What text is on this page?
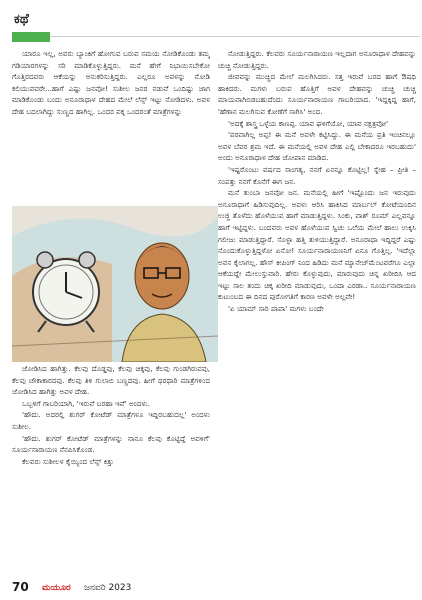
ಕಥೆ

ಯಾರೂ ಇಲ್ಲ, ಅವರು ಬ್ಯಾಂಕಿಗೆ ಹೋಗುವ ಬರುವ ಸಮಯ ನೋಡಿಕೊಂಡು ತಮ್ಮ ಗಡಿಯಾರಗಳನ್ನು ಸರಿ ಮಾಡಿಕೊಳ್ಳುತ್ತಿದ್ದರು. ಮನೆ ಹೇಗೆ ನಿಭಾಯಿಸಬೇಕೋ ಗೊತ್ತಿರದವರು ಆಕೆಯನ್ನು ಅನುಕರಿಸುತ್ತಿದ್ದರು. ಎಲ್ಲರೂ ಅವಳನ್ನು ನೋಡಿ ಕಲಿಯುವವರೇ...ಹಾಗೆ ಎಷ್ಟು ಜನವೋ! ಸುಶೀಲ ಜನರ ನಡುವೆ ಒಂದಿಷ್ಟು ಜಾಗ ಮಾಡಿಕೊಂಡು ಬಂದು ಅನೂರಾಧಾಳ ದೇಹದ ಮೇಲೆ ಲೆನ್ಸ್ ಇಟ್ಟು ನೋಡಿದಳು. ಅವಳ ದೇಹ ಬದಲಾಗಿದ್ದು ಸುಣ್ಣದ ಹಾಗಿಲ್ಲ. ಒಂದರ ಪಕ್ಕ ಒಂದರಂತೆ ಮಾತ್ರೆಗಳನ್ನು

ಜೋಡಿಸಿದ ಹಾಗಿತ್ತು. ಕೆಲವು ದೊಡ್ಡವು, ಕೆಲವು ಚಿಕ್ಕವು, ಕೆಲವು ಗುಂಡಗಿರುವವು, ಕೆಲವು ಚೌಕಾಕಾರದವು. ಕೆಲವು ತಿಳಿ ಗುಲಾಬಿ ಬಣ್ಣದವು. ಹೀಗೆ ಥರಥಾರಿ ಮಾತ್ರೆಗಳಿಂದ ಜೋಡಿಸಿದ ಹಾಗಿತ್ತು ಅವಳ ದೇಹ.

ಒಬ್ಬಳಿಗೆ ಗಾಬರಿಯಾಗಿ, 'ಇರುವೆ ಬರಹಾ ಇವೆ' ಅಂದಳು.

'ಹೌದು. ಅದರಲ್ಲಿ ಶುಗರ್ ಕೋಟೆಡ್ ಮಾತ್ರೆಗಳೂ ಇದ್ದಿರಬಹುದಲ್ಲ' ಅಂದಳು ಸುಶೀಲ.

'ಹೌದು. ಶುಗರ್ ಕೋಟೆಡ್ ಮಾತ್ರೆಗಳನ್ನು ನಾನೂ ಕೆಲವು ಕೊಟ್ಟಿದ್ದೆ ಅವಳಿಗೆ' ಸೂರ್ಯನಾರಾಯಣ ನೆನಪಿಸಿಕೊಂಡ.

ಕೆಲವರು ಸುಶೀಲಳ ಕೈಯ್ಯಿಂದ ಲೆನ್ಸ್ ಕಿತ್ತು

ನೋಡುತ್ತಿದ್ದರು. ಕೆಲವರು ಸೂರ್ಯನಾರಾಯಣ ಇಲ್ಲದಾಗ ಅನೂರಾಧಾಳ ದೇಹವನ್ನು ಚುಚ್ಚಿ ನೋಡುತ್ತಿದ್ದರು.

ಜೀವವನ್ನು ಮುಚ್ಚಿದ ಮೇಲೆ ಮಲಗಿಸಿದರು. ಸತ್ತ ಇರುವೆ ಬರದ ಹಾಗೆ ಔಷಧಿ ಹಾಕಿದರು. ಮಗಳು ಬರುವ ಹೊತ್ತಿಗೆ ಅವಳ ದೇಹವನ್ನು ಚುಚ್ಚಿ ಚುಚ್ಚಿ ಮಾಯವಾಗಿಬಿಡಬಹುದೆಂದು ಸೂರ್ಯನಾರಾಯಣ ಗಾಬರಿಯಾದ. 'ಇದ್ದಕ್ಕಿದ್ದ ಹಾಗೆ, 'ಹೆಣಾನ ಮಲಗಿಸುವ ಕೋಣೆಗೆ ಸಾಗಿಸಿ' ಅಂದ.

'ಅದಕ್ಕೆ ಶಾಸ್ತ್ರ ಒಳ್ಳೆಯ ಕಾಣಪ್ಪ. ಯಾವ ಘಳಿಗೆಯೋ, ಯಾವ ನಕ್ಷತ್ರವೋ'

'ಪರವಾಗಿಲ್ಲ ಅಪ್ಪ! ಈ ಮನೆ ಅವಳೇ ಕಟ್ಟಿಸಿದ್ದು. ಈ ಮನೆಯ ಪ್ರತಿ ಇಂಚಿನಲ್ಲೂ ಅವಳ ಬೆವರ ಶ್ರಮ ಇದೆ. ಈ ಮನೆಯಲ್ಲಿ ಅವಳ ದೇಹ ಎಲ್ಲಿ ಬೇಕಾದರೂ ಇರಬಹುದು' ಅಂದು ಅನೂರಾಧಾಳ ದೇಹ ಜೋಪಾನ ಮಾಡಿದ.

'ಇಷ್ಟರೊಂಟು ವರ್ಷದ ಸಾಂಗತ್ಯ, ನನಗೆ ಏನನ್ನೂ ಕೊಟ್ಟಿಲ್ಲ! ಸ್ನೇಹ – ಪ್ರೀತಿ – ಸಂಪತ್ತು ನನಗೆ ಕೊನೆಗೆ ಈಗ ಜನ.

ಮನೆ ತುಂಬಾ ಜನವೋ ಜನ. ಮನೆಯಲ್ಲಿ ಹೀಗೆ 'ಇಷ್ಟೊಂದು ಜನ ಇರುವುದು ಅನೂರಾಧಾಗೆ ಹಿಡಿಸುವುದಿಲ್ಲ. ಅವಳು ಆರಿಸಿ ಹಾಕಿಸಿದ ಮಾರ್ಬಲ್ ಕೋಟೆಯಂದಿನ ಉಜ್ಜಿ ತೊಳೆದು ಹೊಳೆಯುವ ಹಾಗೆ ಮಾಡುತ್ತಿದ್ದಳು. ಸಿಂಕು, ವಾಶ್ ರೂಮ್ ಎಲ್ಲವನ್ನೂ ಹಾಗೆ ಇಟ್ಟಿದ್ದಳು. ಬಂದವರು ಅವಳ ಹೊಳೆಯುವ ಸ್ವಿಚು ಒಲೆಯ ಮೇಲೆ ಹಾಲು ಉಕ್ಕಿಸಿ ಗಲೀಜು ಮಾಡುತ್ತಿದ್ದಾರೆ. ಸೊಳ್ಳಾ ಹತ್ತಿ ತುಳಿಯುತ್ತಿದ್ದಾರೆ. ಅನೂರಾಧಾ ಇದ್ದಿದ್ದರೆ ಎಷ್ಟು ನೊಂದುಕೊಳ್ಳುತ್ತಿದ್ದಳೋ ಏನೋ! ಸೂರ್ಯನಾರಾಯಣನಿಗೆ ಏನೂ ಗೊತ್ತಿಲ್ಲ. 'ಇದೆಲ್ಲಾ ಅವನ ಕೈಲಾಗಲ್ಲ. ಹೌಸ್ ಕೀಪಿಂಗ್ ನಿಂದ ಹಿಡಿದು ಮನೆ ಮ್ಯಾನೇಜ್‌ಮೆಂಟವರೆಗೂ ಎಲ್ಲಾ ಆಕೆಯದ್ದೇ ಮೇಲುಸ್ತುವಾರಿ. ಹೇರು ಕೊಳ್ಳುವುದು, ಮಾರುವುದು ಚಿನ್ನ ಖರೀದಿಸಿ ಆದ ಇಟ್ಟು ಸಾಲ ತಂದು ಚಿಕ್ಕ ಖರೀದಿ ಮಾಡುವುದು, ಒಂದಾ ಎರಡಾ.. ಸೂರ್ಯನಾರಾಯಣ ಕುಟುಂಬದ ಈ ದಿನದ ಪುರೋಗತಿಗೆ ಕಾರಣ ಅವಳೇ ಅಲ್ಲವೇ!

'ಏ ಯಾಮ್ ಸಾರಿ ಪಾಪಾ' ಮಗಳು ಬಂದೇ

70 ಮಯೂರ ಜನವರಿ 2023
